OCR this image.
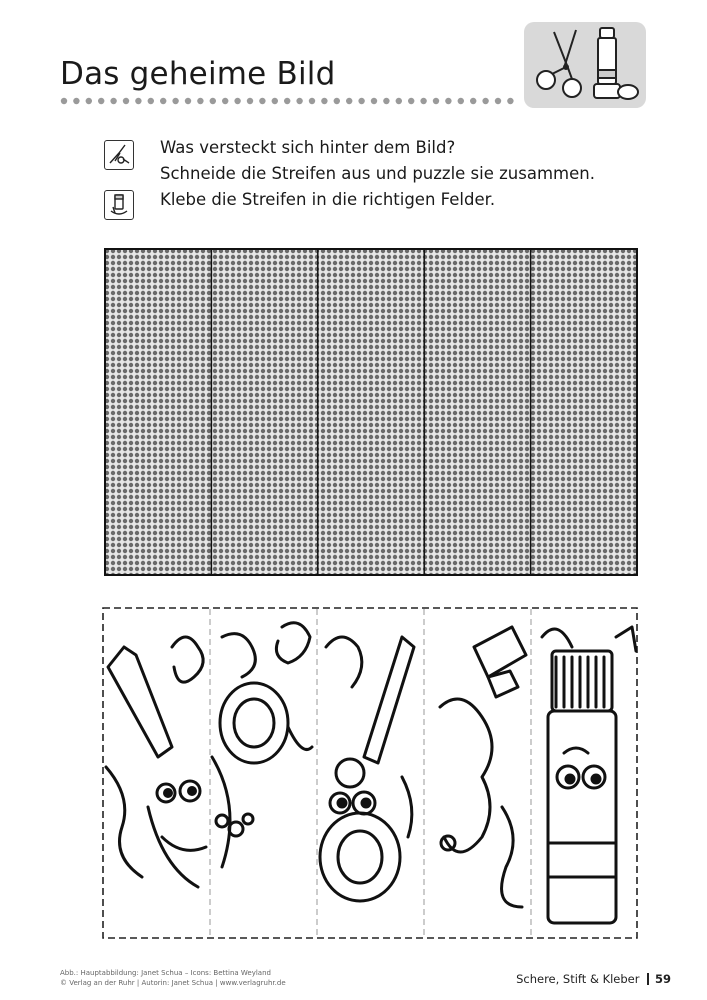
Das geheime Bild
Was versteckt sich hinter dem Bild?
Schneide die Streifen aus und puzzle sie zusammen.
Klebe die Streifen in die richtigen Felder.
Abb.: Hauptabbildung: Janet Schua – Icons: Bettina Weyland
© Verlag an der Ruhr | Autorin: Janet Schua | www.verlagruhr.de	Schere, Stift & Kleber 59
